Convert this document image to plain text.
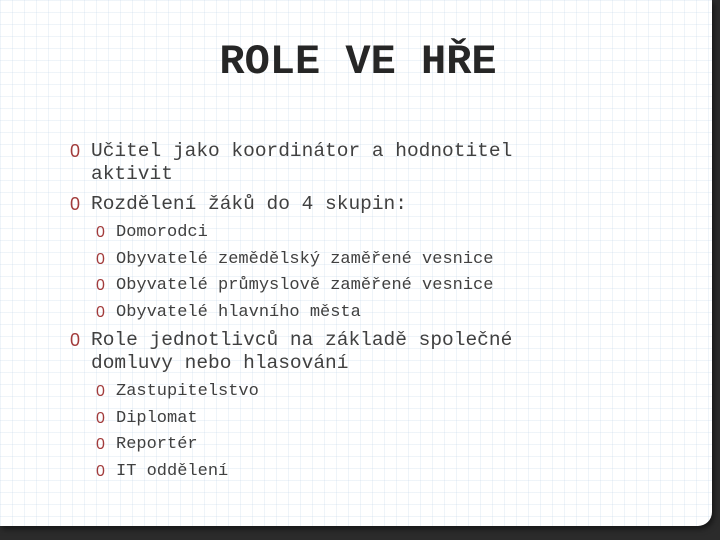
ROLE VE HŘE
0 Učitel jako koordinátor a hodnotitel aktivit
0 Rozdělení žáků do 4 skupin:
0 Domorodci
0 Obyvatelé zemědělský zaměřené vesnice
0 Obyvatelé průmyslově zaměřené vesnice
0 Obyvatelé hlavního města
0 Role jednotlivců na základě společné domluvy nebo hlasování
0 Zastupitelstvo
0 Diplomat
0 Reportér
0 IT oddělení
